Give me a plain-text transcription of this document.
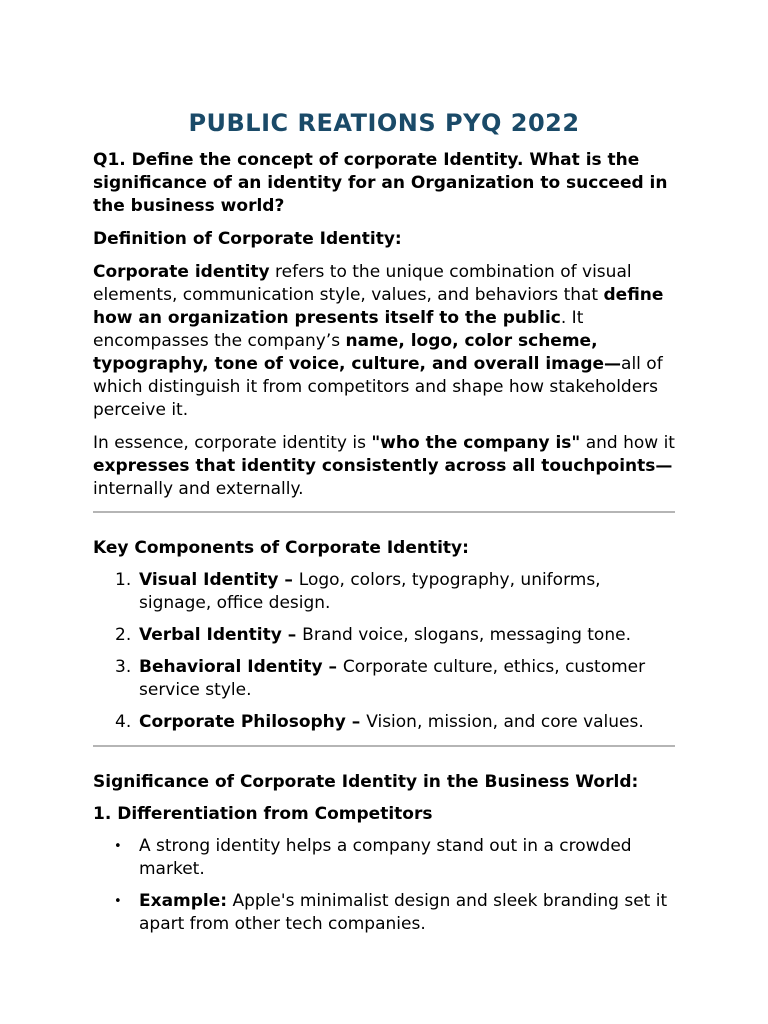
PUBLIC REATIONS PYQ 2022

Q1. Define the concept of corporate Identity. What is the significance of an identity for an Organization to succeed in the business world?

Definition of Corporate Identity:

Corporate identity refers to the unique combination of visual elements, communication style, values, and behaviors that define how an organization presents itself to the public. It encompasses the company’s name, logo, color scheme, typography, tone of voice, culture, and overall image—all of which distinguish it from competitors and shape how stakeholders perceive it.

In essence, corporate identity is "who the company is" and how it expresses that identity consistently across all touchpoints—internally and externally.

Key Components of Corporate Identity:

1. Visual Identity – Logo, colors, typography, uniforms, signage, office design.
2. Verbal Identity – Brand voice, slogans, messaging tone.
3. Behavioral Identity – Corporate culture, ethics, customer service style.
4. Corporate Philosophy – Vision, mission, and core values.

Significance of Corporate Identity in the Business World:

1. Differentiation from Competitors

• A strong identity helps a company stand out in a crowded market.
• Example: Apple's minimalist design and sleek branding set it apart from other tech companies.
